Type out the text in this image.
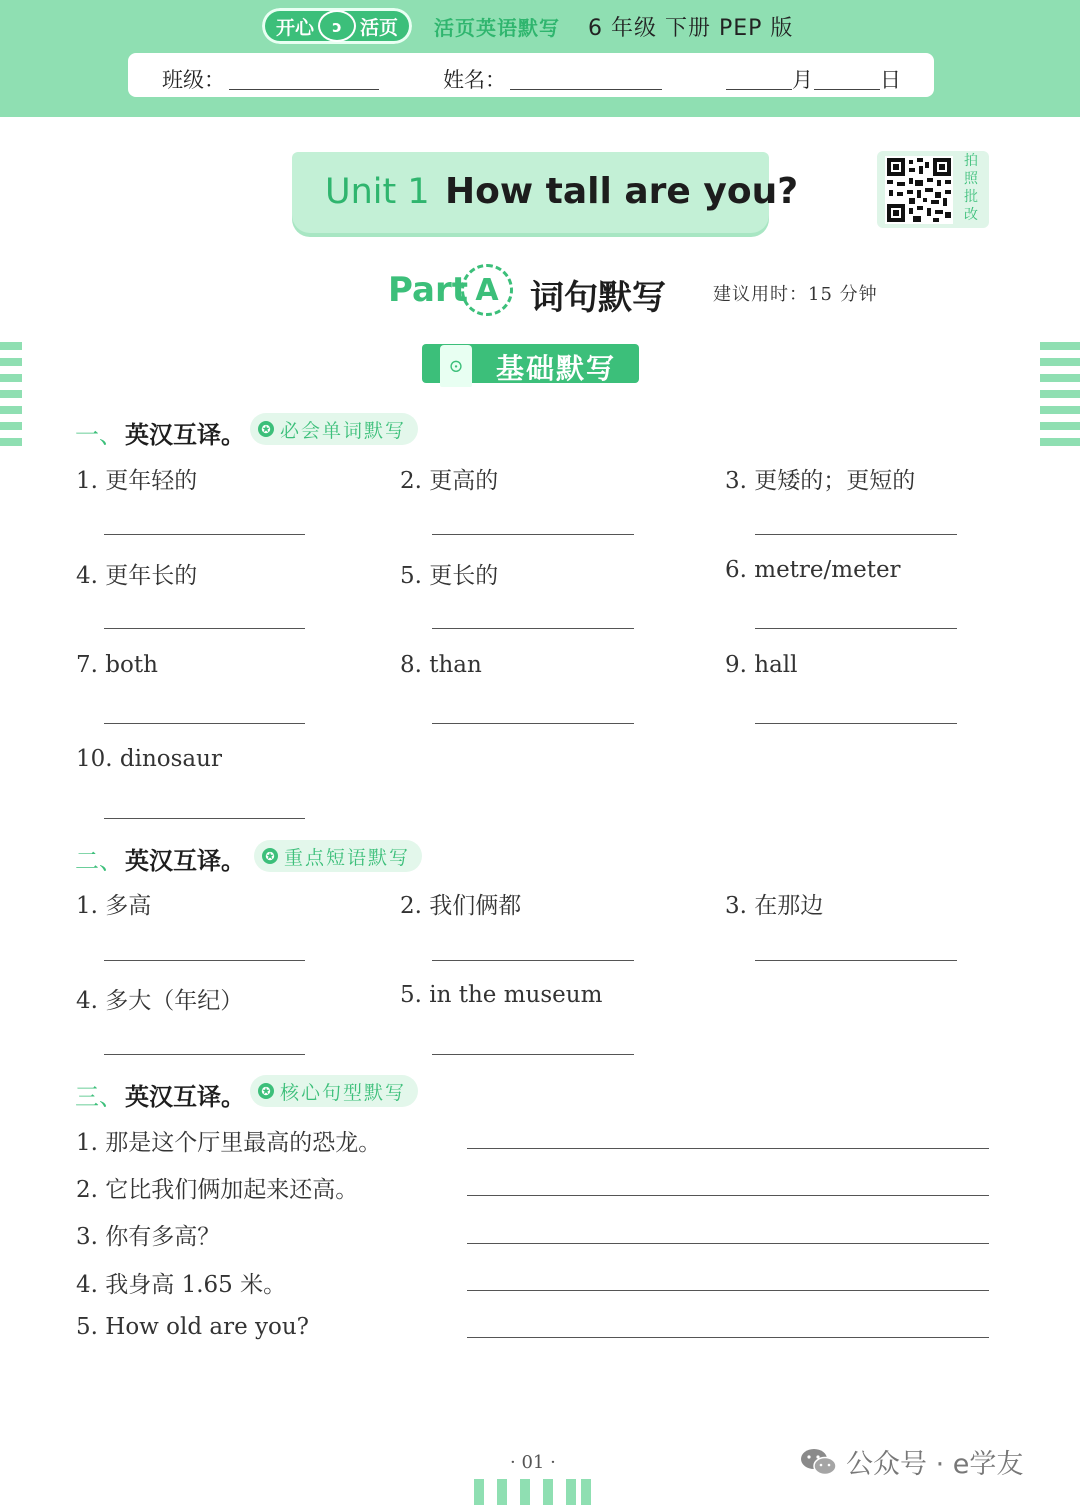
开心	ɔ 活页 活页英语默写 6 年级 下册 PEP 版
班级：	姓名：	月	日
Unit 1 How tall are you?
拍照批改
Part A 词句默写	建议用时：15 分钟
⊙	基础默写
一、 英汉互译。	✪ 必会单词默写
1. 更年轻的	2. 更高的	3. 更矮的；更短的
4. 更年长的	5. 更长的	6. metre/meter
7. both	8. than	9. hall
10. dinosaur
二、 英汉互译。	✪ 重点短语默写
1. 多高	2. 我们俩都	3. 在那边
4. 多大（年纪）	5. in the museum
三、 英汉互译。	✪ 核心句型默写
1. 那是这个厅里最高的恐龙。
2. 它比我们俩加起来还高。
3. 你有多高？
4. 我身高 1.65 米。
5. How old are you?
· 01 ·	公众号 · e学友
